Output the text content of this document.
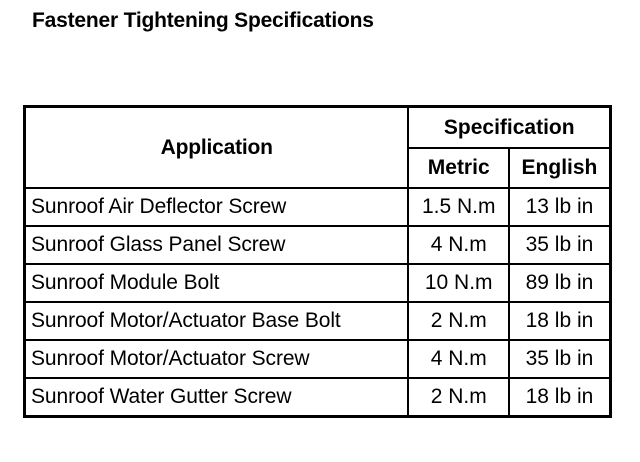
Fastener Tightening Specifications
Application	Specification	
	Metric	English
Sunroof Air Deflector Screw	1.5 N.m	13 lb in
Sunroof Glass Panel Screw	4 N.m	35 lb in
Sunroof Module Bolt	10 N.m	89 lb in
Sunroof Motor/Actuator Base Bolt	2 N.m	18 lb in
Sunroof Motor/Actuator Screw	4 N.m	35 lb in
Sunroof Water Gutter Screw	2 N.m	18 lb in
